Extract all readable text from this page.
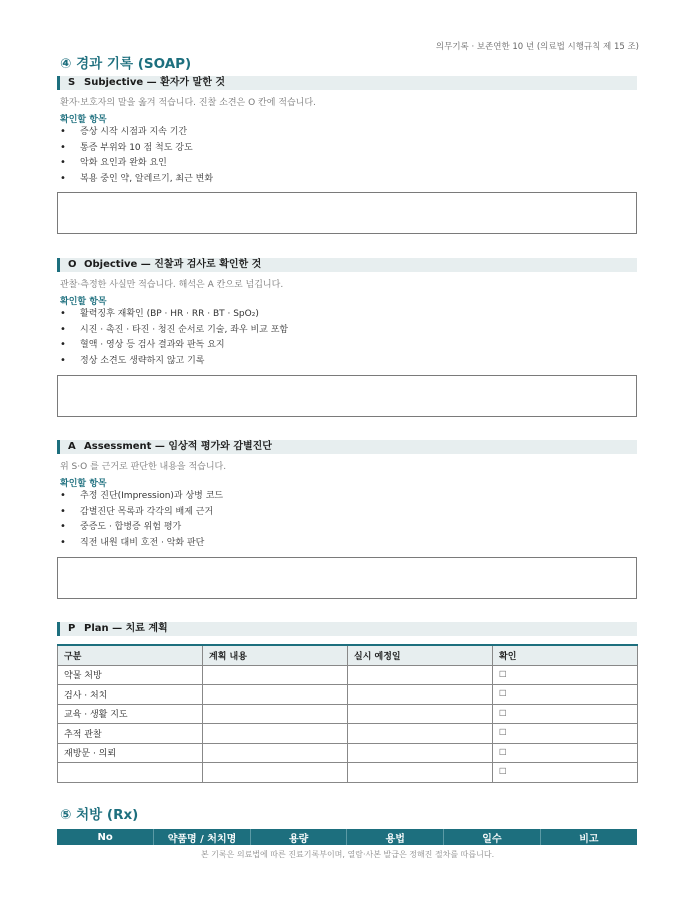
의무기록 · 보존연한 10 년 (의료법 시행규칙 제 15 조)
④ 경과 기록 (SOAP)
S Subjective — 환자가 말한 것
환자·보호자의 말을 옮겨 적습니다. 진찰 소견은 O 칸에 적습니다.
확인할 항목
• 증상 시작 시점과 지속 기간
• 통증 부위와 10 점 척도 강도
• 악화 요인과 완화 요인
• 복용 중인 약, 알레르기, 최근 변화
O Objective — 진찰과 검사로 확인한 것
관찰·측정한 사실만 적습니다. 해석은 A 칸으로 넘깁니다.
확인할 항목
• 활력징후 재확인 (BP · HR · RR · BT · SpO₂)
• 시진 · 촉진 · 타진 · 청진 순서로 기술, 좌우 비교 포함
• 혈액 · 영상 등 검사 결과와 판독 요지
• 정상 소견도 생략하지 않고 기록
A Assessment — 임상적 평가와 감별진단
위 S·O 를 근거로 판단한 내용을 적습니다.
확인할 항목
• 추정 진단(Impression)과 상병 코드
• 감별진단 목록과 각각의 배제 근거
• 중증도 · 합병증 위험 평가
• 직전 내원 대비 호전 · 악화 판단
P Plan — 치료 계획
구분	계획 내용	실시 예정일	확인
약물 처방			☐
검사 · 처치			☐
교육 · 생활 지도			☐
추적 관찰			☐
재방문 · 의뢰			☐
			☐
⑤ 처방 (Rx)
No	약품명 / 처치명	용량	용법	일수	비고
본 기록은 의료법에 따른 진료기록부이며, 열람·사본 발급은 정해진 절차를 따릅니다.
